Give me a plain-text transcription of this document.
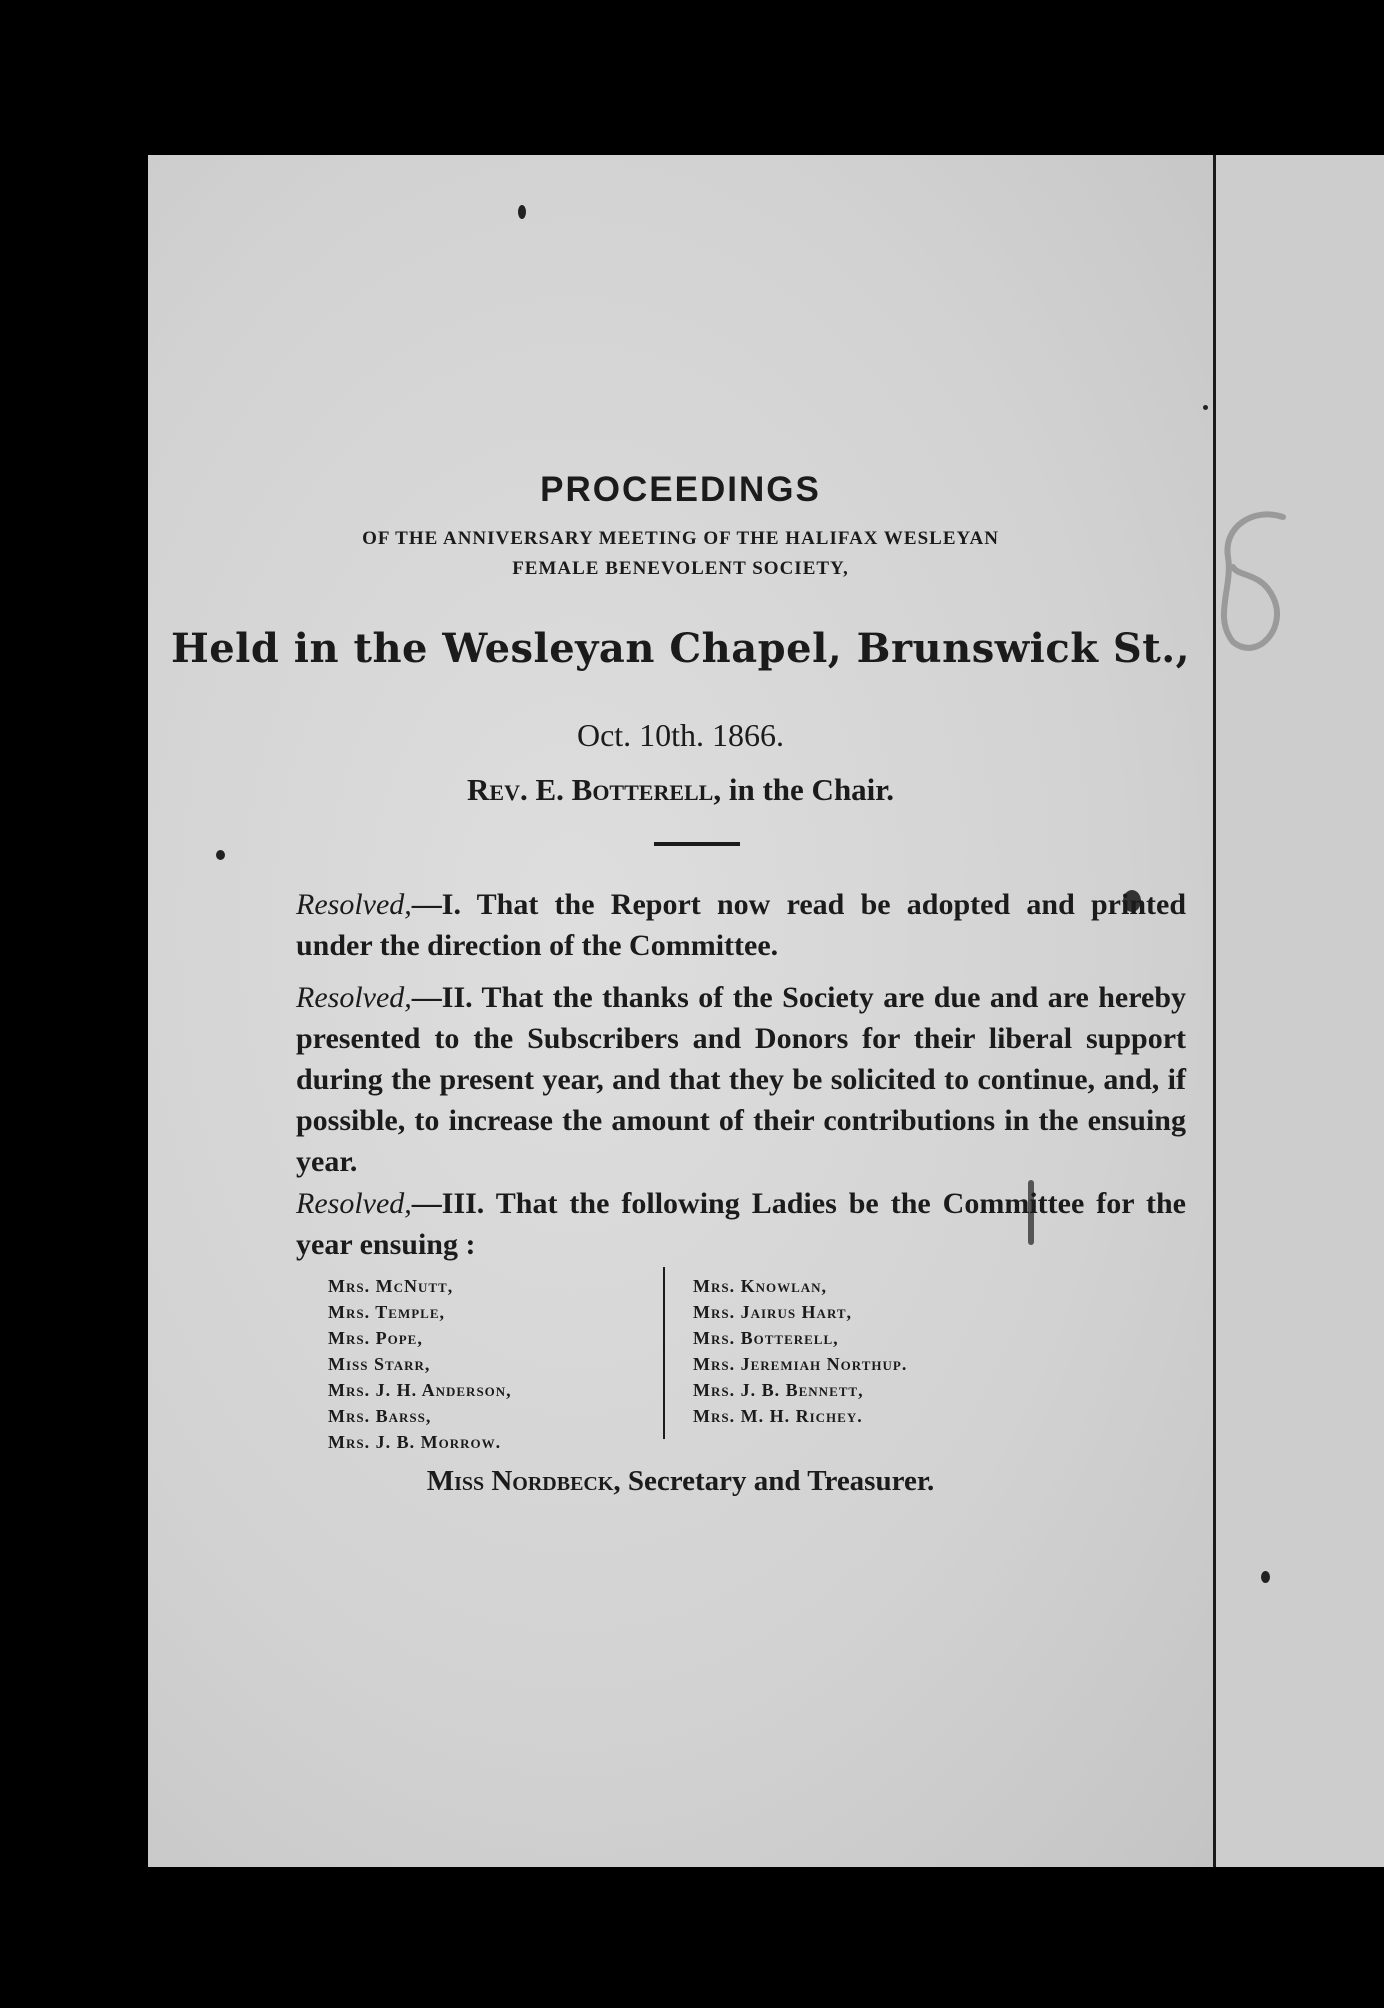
PROCEEDINGS
OF THE ANNIVERSARY MEETING OF THE HALIFAX WESLEYAN
FEMALE BENEVOLENT SOCIETY,
Held in the Wesleyan Chapel, Brunswick St.,
Oct. 10th. 1866.
Rev. E. Botterell, in the Chair.
Resolved,—I. That the Report now read be adopted and printed under the direction of the Committee.
Resolved,—II. That the thanks of the Society are due and are hereby presented to the Subscribers and Donors for their liberal support during the present year, and that they be solicited to continue, and, if possible, to increase the amount of their contributions in the ensuing year.
Resolved,—III. That the following Ladies be the Committee for the year ensuing :
Mrs. McNutt,
Mrs. Temple,
Mrs. Pope,
Miss Starr,
Mrs. J. H. Anderson,
Mrs. Barss,
Mrs. J. B. Morrow.
Mrs. Knowlan,
Mrs. Jairus Hart,
Mrs. Botterell,
Mrs. Jeremiah Northup.
Mrs. J. B. Bennett,
Mrs. M. H. Richey.
Miss Nordbeck, Secretary and Treasurer.
